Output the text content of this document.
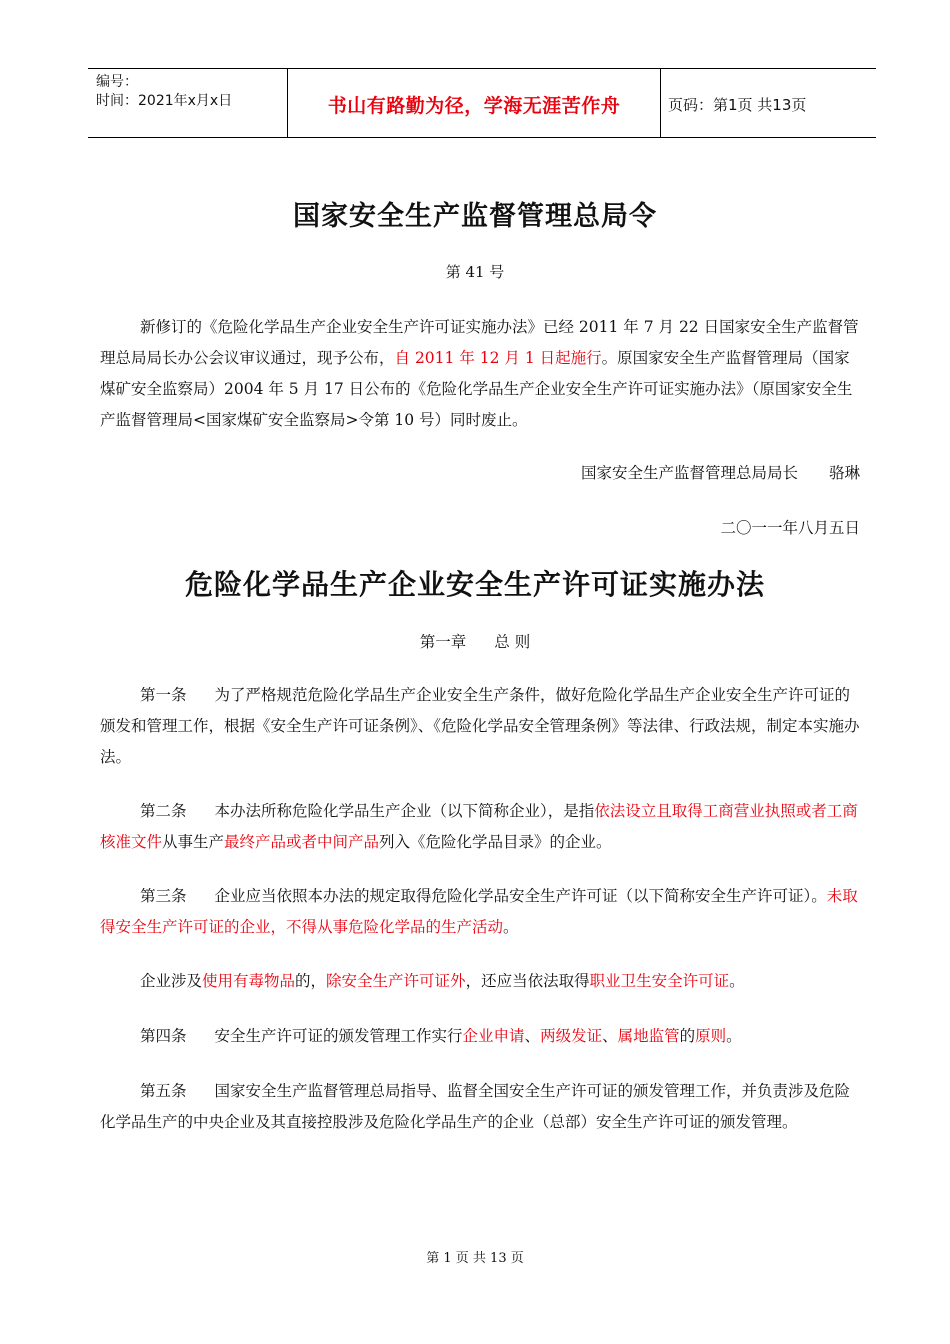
编号：
时间：2021年x月x日	书山有路勤为径，学海无涯苦作舟	页码：第1页 共13页
国家安全生产监督管理总局令
第 41 号
新修订的《危险化学品生产企业安全生产许可证实施办法》已经 2011 年 7 月 22 日国家安全生产监督管理总局局长办公会议审议通过，现予公布，自 2011 年 12 月 1 日起施行。原国家安全生产监督管理局（国家煤矿安全监察局）2004 年 5 月 17 日公布的《危险化学品生产企业安全生产许可证实施办法》（原国家安全生产监督管理局<国家煤矿安全监察局>令第 10 号）同时废止。
国家安全生产监督管理总局局长　　骆琳
二〇一一年八月五日
危险化学品生产企业安全生产许可证实施办法
第一章 总 则
第一条 为了严格规范危险化学品生产企业安全生产条件，做好危险化学品生产企业安全生产许可证的颁发和管理工作，根据《安全生产许可证条例》、《危险化学品安全管理条例》等法律、行政法规，制定本实施办法。
第二条 本办法所称危险化学品生产企业（以下简称企业），是指依法设立且取得工商营业执照或者工商核准文件从事生产最终产品或者中间产品列入《危险化学品目录》的企业。
第三条 企业应当依照本办法的规定取得危险化学品安全生产许可证（以下简称安全生产许可证）。未取得安全生产许可证的企业，不得从事危险化学品的生产活动。
企业涉及使用有毒物品的，除安全生产许可证外，还应当依法取得职业卫生安全许可证。
第四条 安全生产许可证的颁发管理工作实行企业申请、两级发证、属地监管的原则。
第五条 国家安全生产监督管理总局指导、监督全国安全生产许可证的颁发管理工作，并负责涉及危险化学品生产的中央企业及其直接控股涉及危险化学品生产的企业（总部）安全生产许可证的颁发管理。
第 1 页 共 13 页
